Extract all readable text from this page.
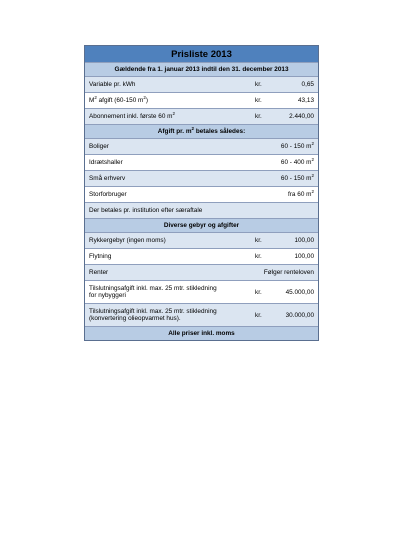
Prisliste 2013
Gældende fra 1. januar 2013 indtil den 31. december 2013
Variable pr. kWh	kr.	0,65
$M^2$ afgift (60-150 $m^2$)	kr.	43,13
Abonnement inkl. første 60 $m^2$	kr.	2.440,00
Afgift pr. $m^2$ betales således:
Boliger	60 - 150 $m^2$
Idrætshaller	60 - 400 $m^2$
Små erhverv	60 - 150 $m^2$
Storforbruger	fra 60 $m^2$
Der betales pr. institution efter særaftale
Diverse gebyr og afgifter
Rykkergebyr (ingen moms)	kr.	100,00
Flytning	kr.	100,00
Renter	Følger renteloven
Tilslutningsafgift inkl. max. 25 mtr. stikledning
for nybyggeri	kr.	45.000,00
Tilslutningsafgift inkl. max. 25 mtr. stikledning
(konvertering olieopvarmet hus).	kr.	30.000,00
Alle priser inkl. moms
